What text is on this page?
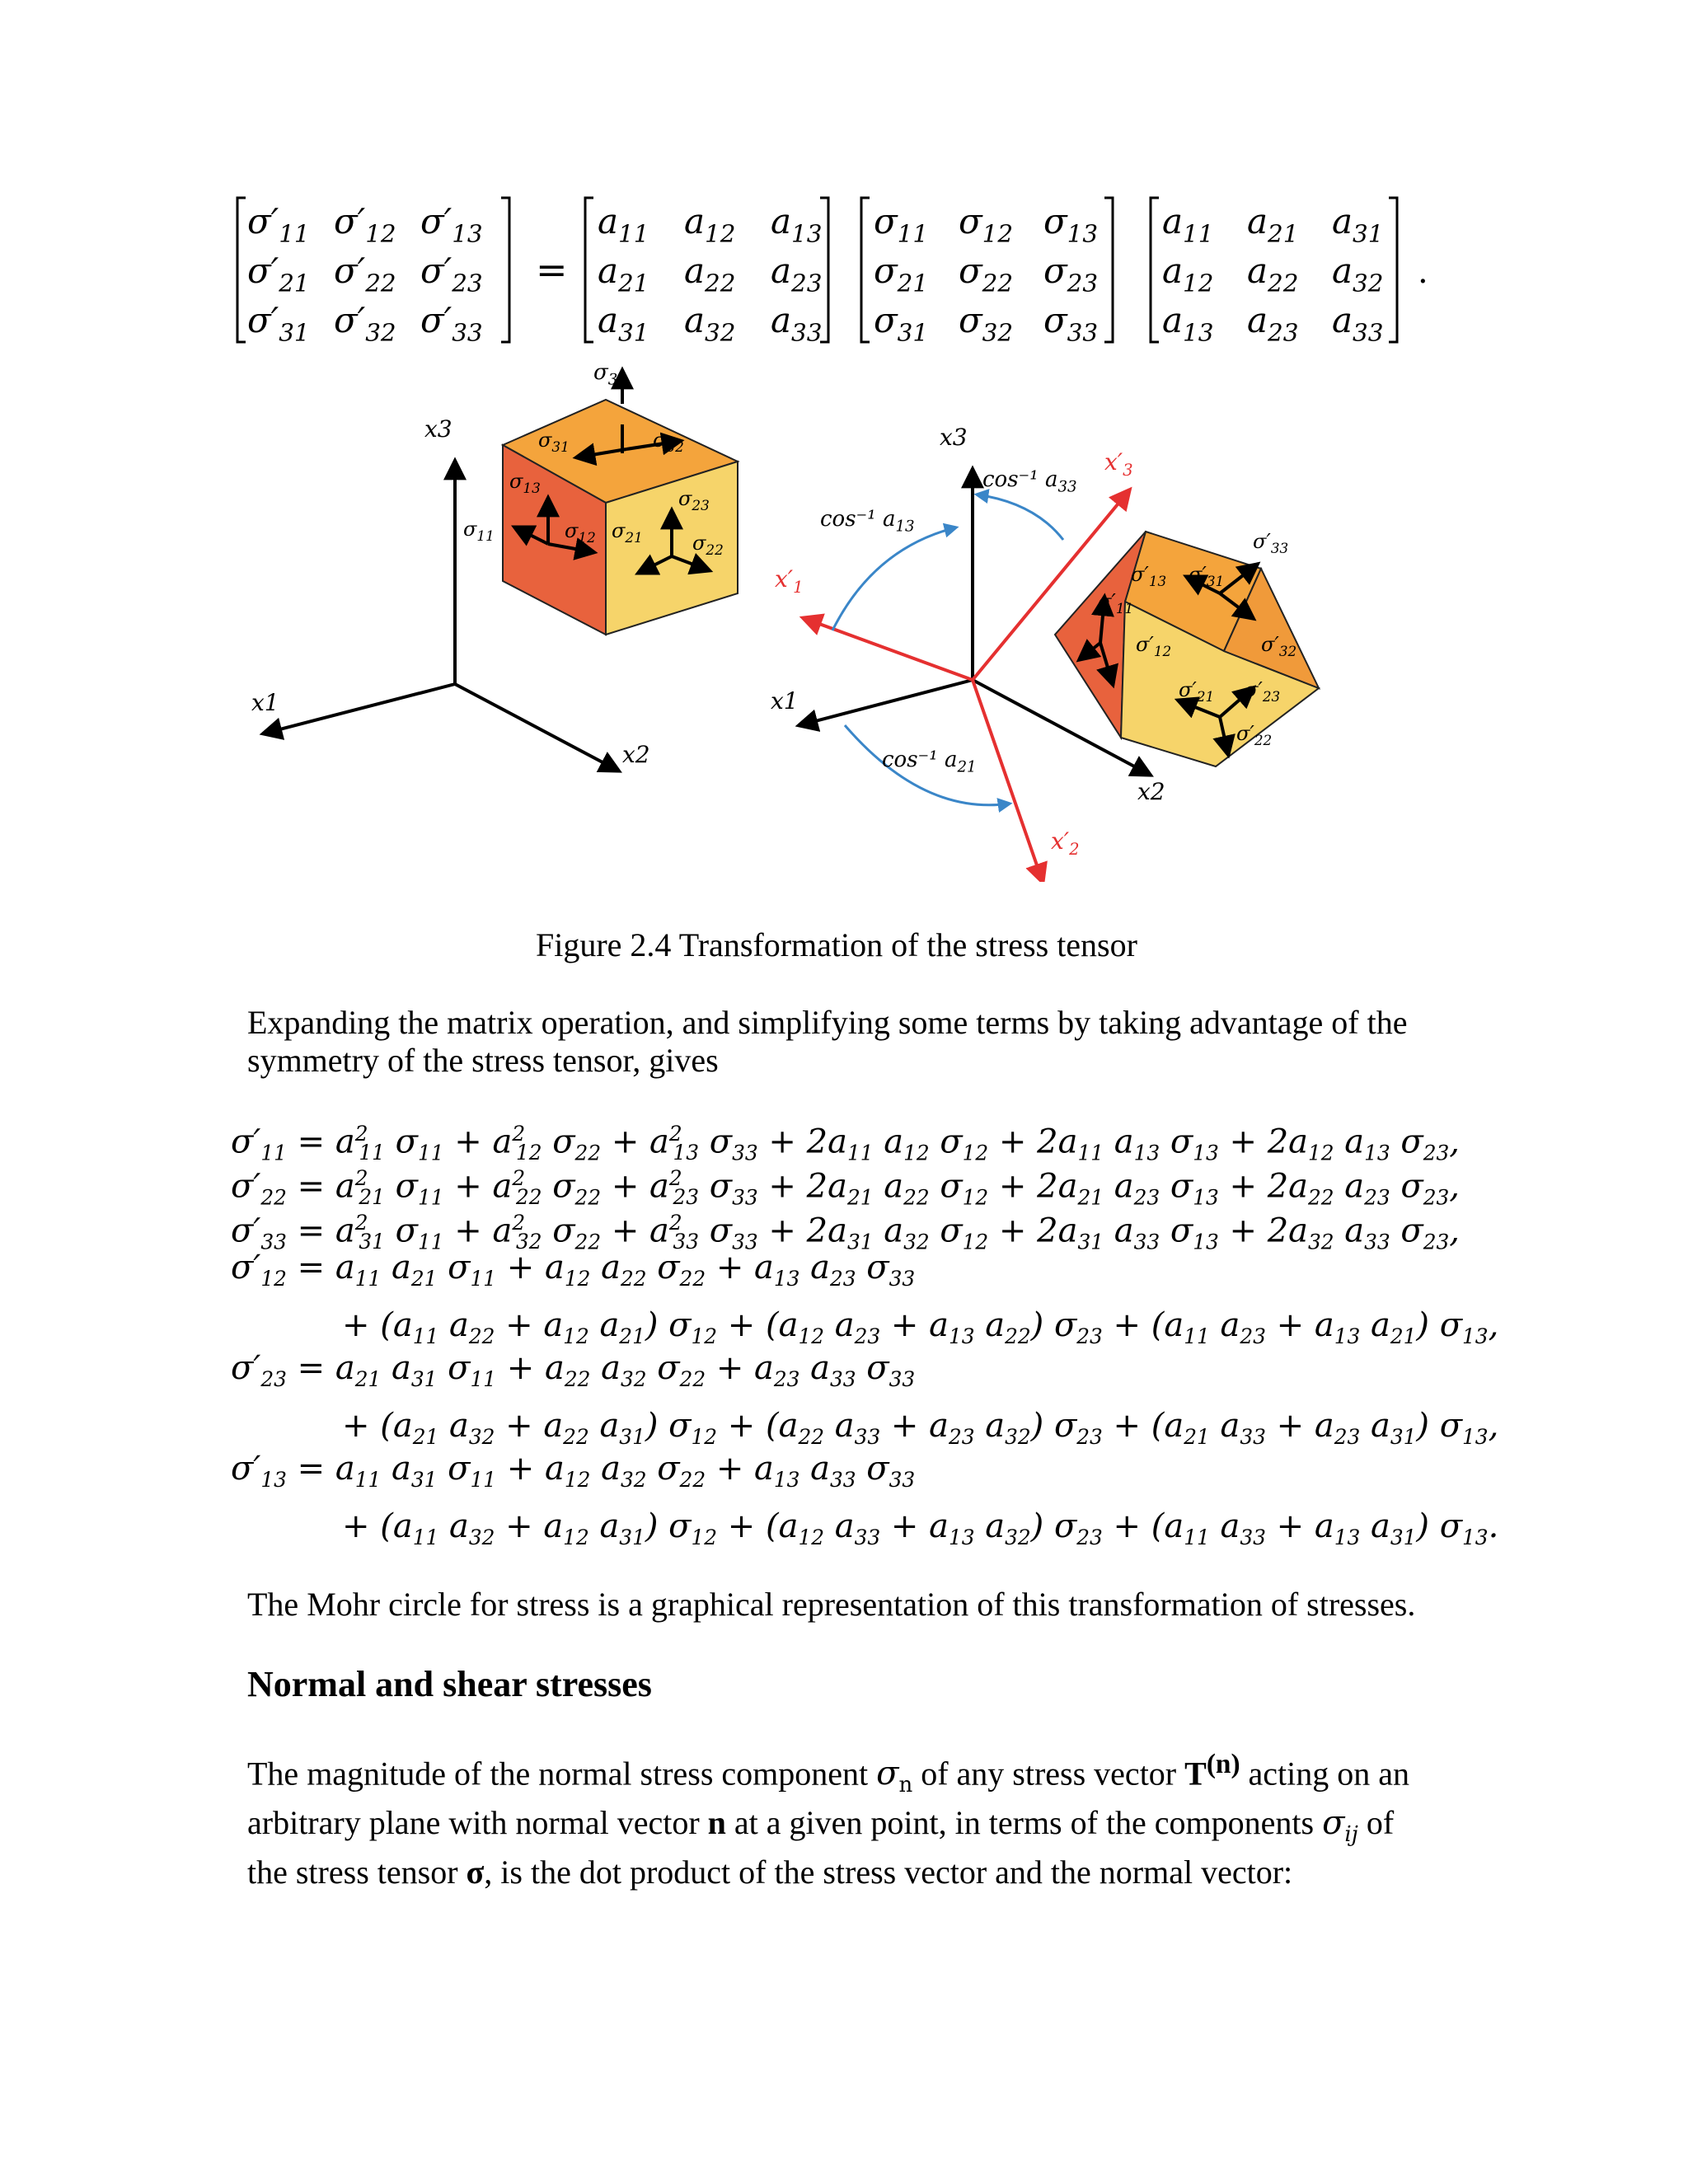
$\sigma'_{11}$ $\sigma'_{12}$ $\sigma'_{13}$
$\sigma'_{21}$ $\sigma'_{22}$ $\sigma'_{23}$
$\sigma'_{31}$ $\sigma'_{32}$ $\sigma'_{33}$
=
$a_{11}$ $a_{12}$ $a_{13}$
$a_{21}$ $a_{22}$ $a_{23}$
$a_{31}$ $a_{32}$ $a_{33}$
$\sigma_{11}$ $\sigma_{12}$ $\sigma_{13}$
$\sigma_{21}$ $\sigma_{22}$ $\sigma_{23}$
$\sigma_{31}$ $\sigma_{32}$ $\sigma_{33}$
$a_{11}$ $a_{21}$ $a_{31}$
$a_{12}$ $a_{22}$ $a_{32}$
$a_{13}$ $a_{23}$ $a_{33}$
.
x3
x1
x2
$\sigma_{33}$
$\sigma_{31}$	$\sigma_{32}$
$\sigma_{13}$	$\sigma_{23}$
$\sigma_{11}$	$\sigma_{12}$ $\sigma_{21}$	$\sigma_{22}$
x3
x1
x2
$x'_1$
$x'_2$
$x'_3$
cos⁻¹ $a_{13}$
cos⁻¹ $a_{33}$
cos⁻¹ $a_{21}$
$\sigma'_{33}$
$\sigma'_{13}$ $\sigma'_{31}$
$\sigma'_{11}$
$\sigma'_{12}$	$\sigma'_{32}$
$\sigma'_{21}$ $\sigma'_{23}$
$\sigma'_{22}$
Figure 2.4 Transformation of the stress tensor
Expanding the matrix operation, and simplifying some terms by taking advantage of the symmetry of the stress tensor, gives
$\sigma'_{11} = a^2_{11}$ $\sigma_{11} + a^2_{12}$ $\sigma_{22} + a^2_{13}$ $\sigma_{33} + 2a_{11}$ $a_{12}$ $\sigma_{12} + 2a_{11}$ $a_{13}$ $\sigma_{13} + 2a_{12}$ $a_{13}$ $\sigma_{23}$,
$\sigma'_{22} = a^2_{21}$ $\sigma_{11} + a^2_{22}$ $\sigma_{22} + a^2_{23}$ $\sigma_{33} + 2a_{21}$ $a_{22}$ $\sigma_{12} + 2a_{21}$ $a_{23}$ $\sigma_{13} + 2a_{22}$ $a_{23}$ $\sigma_{23}$,
$\sigma'_{33} = a^2_{31}$ $\sigma_{11} + a^2_{32}$ $\sigma_{22} + a^2_{33}$ $\sigma_{33} + 2a_{31}$ $a_{32}$ $\sigma_{12} + 2a_{31}$ $a_{33}$ $\sigma_{13} + 2a_{32}$ $a_{33}$ $\sigma_{23}$,
$\sigma'_{12} = a_{11}$ $a_{21}$ $\sigma_{11} + a_{12}$ $a_{22}$ $\sigma_{22} + a_{13}$ $a_{23}$ $\sigma_{33}$
+ ($a_{11}$ $a_{22} + a_{12}$ $a_{21}$) $\sigma_{12} + (a_{12}$ $a_{23} + a_{13}$ $a_{22}$) $\sigma_{23} + (a_{11}$ $a_{23} + a_{13}$ $a_{21}$) $\sigma_{13}$,
$\sigma'_{23} = a_{21}$ $a_{31}$ $\sigma_{11} + a_{22}$ $a_{32}$ $\sigma_{22} + a_{23}$ $a_{33}$ $\sigma_{33}$
+ ($a_{21}$ $a_{32} + a_{22}$ $a_{31}$) $\sigma_{12} + (a_{22}$ $a_{33} + a_{23}$ $a_{32}$) $\sigma_{23} + (a_{21}$ $a_{33} + a_{23}$ $a_{31}$) $\sigma_{13}$,
$\sigma'_{13} = a_{11}$ $a_{31}$ $\sigma_{11} + a_{12}$ $a_{32}$ $\sigma_{22} + a_{13}$ $a_{33}$ $\sigma_{33}$
+ ($a_{11}$ $a_{32} + a_{12}$ $a_{31}$) $\sigma_{12} + (a_{12}$ $a_{33} + a_{13}$ $a_{32}$) $\sigma_{23} + (a_{11}$ $a_{33} + a_{13}$ $a_{31}$) $\sigma_{13}$.
The Mohr circle for stress is a graphical representation of this transformation of stresses.
Normal and shear stresses
The magnitude of the normal stress component $\sigma_n$ of any stress vector $T^{(n)}$ acting on an arbitrary plane with normal vector n at a given point, in terms of the components $\sigma_{ij}$ of the stress tensor σ, is the dot product of the stress vector and the normal vector:
